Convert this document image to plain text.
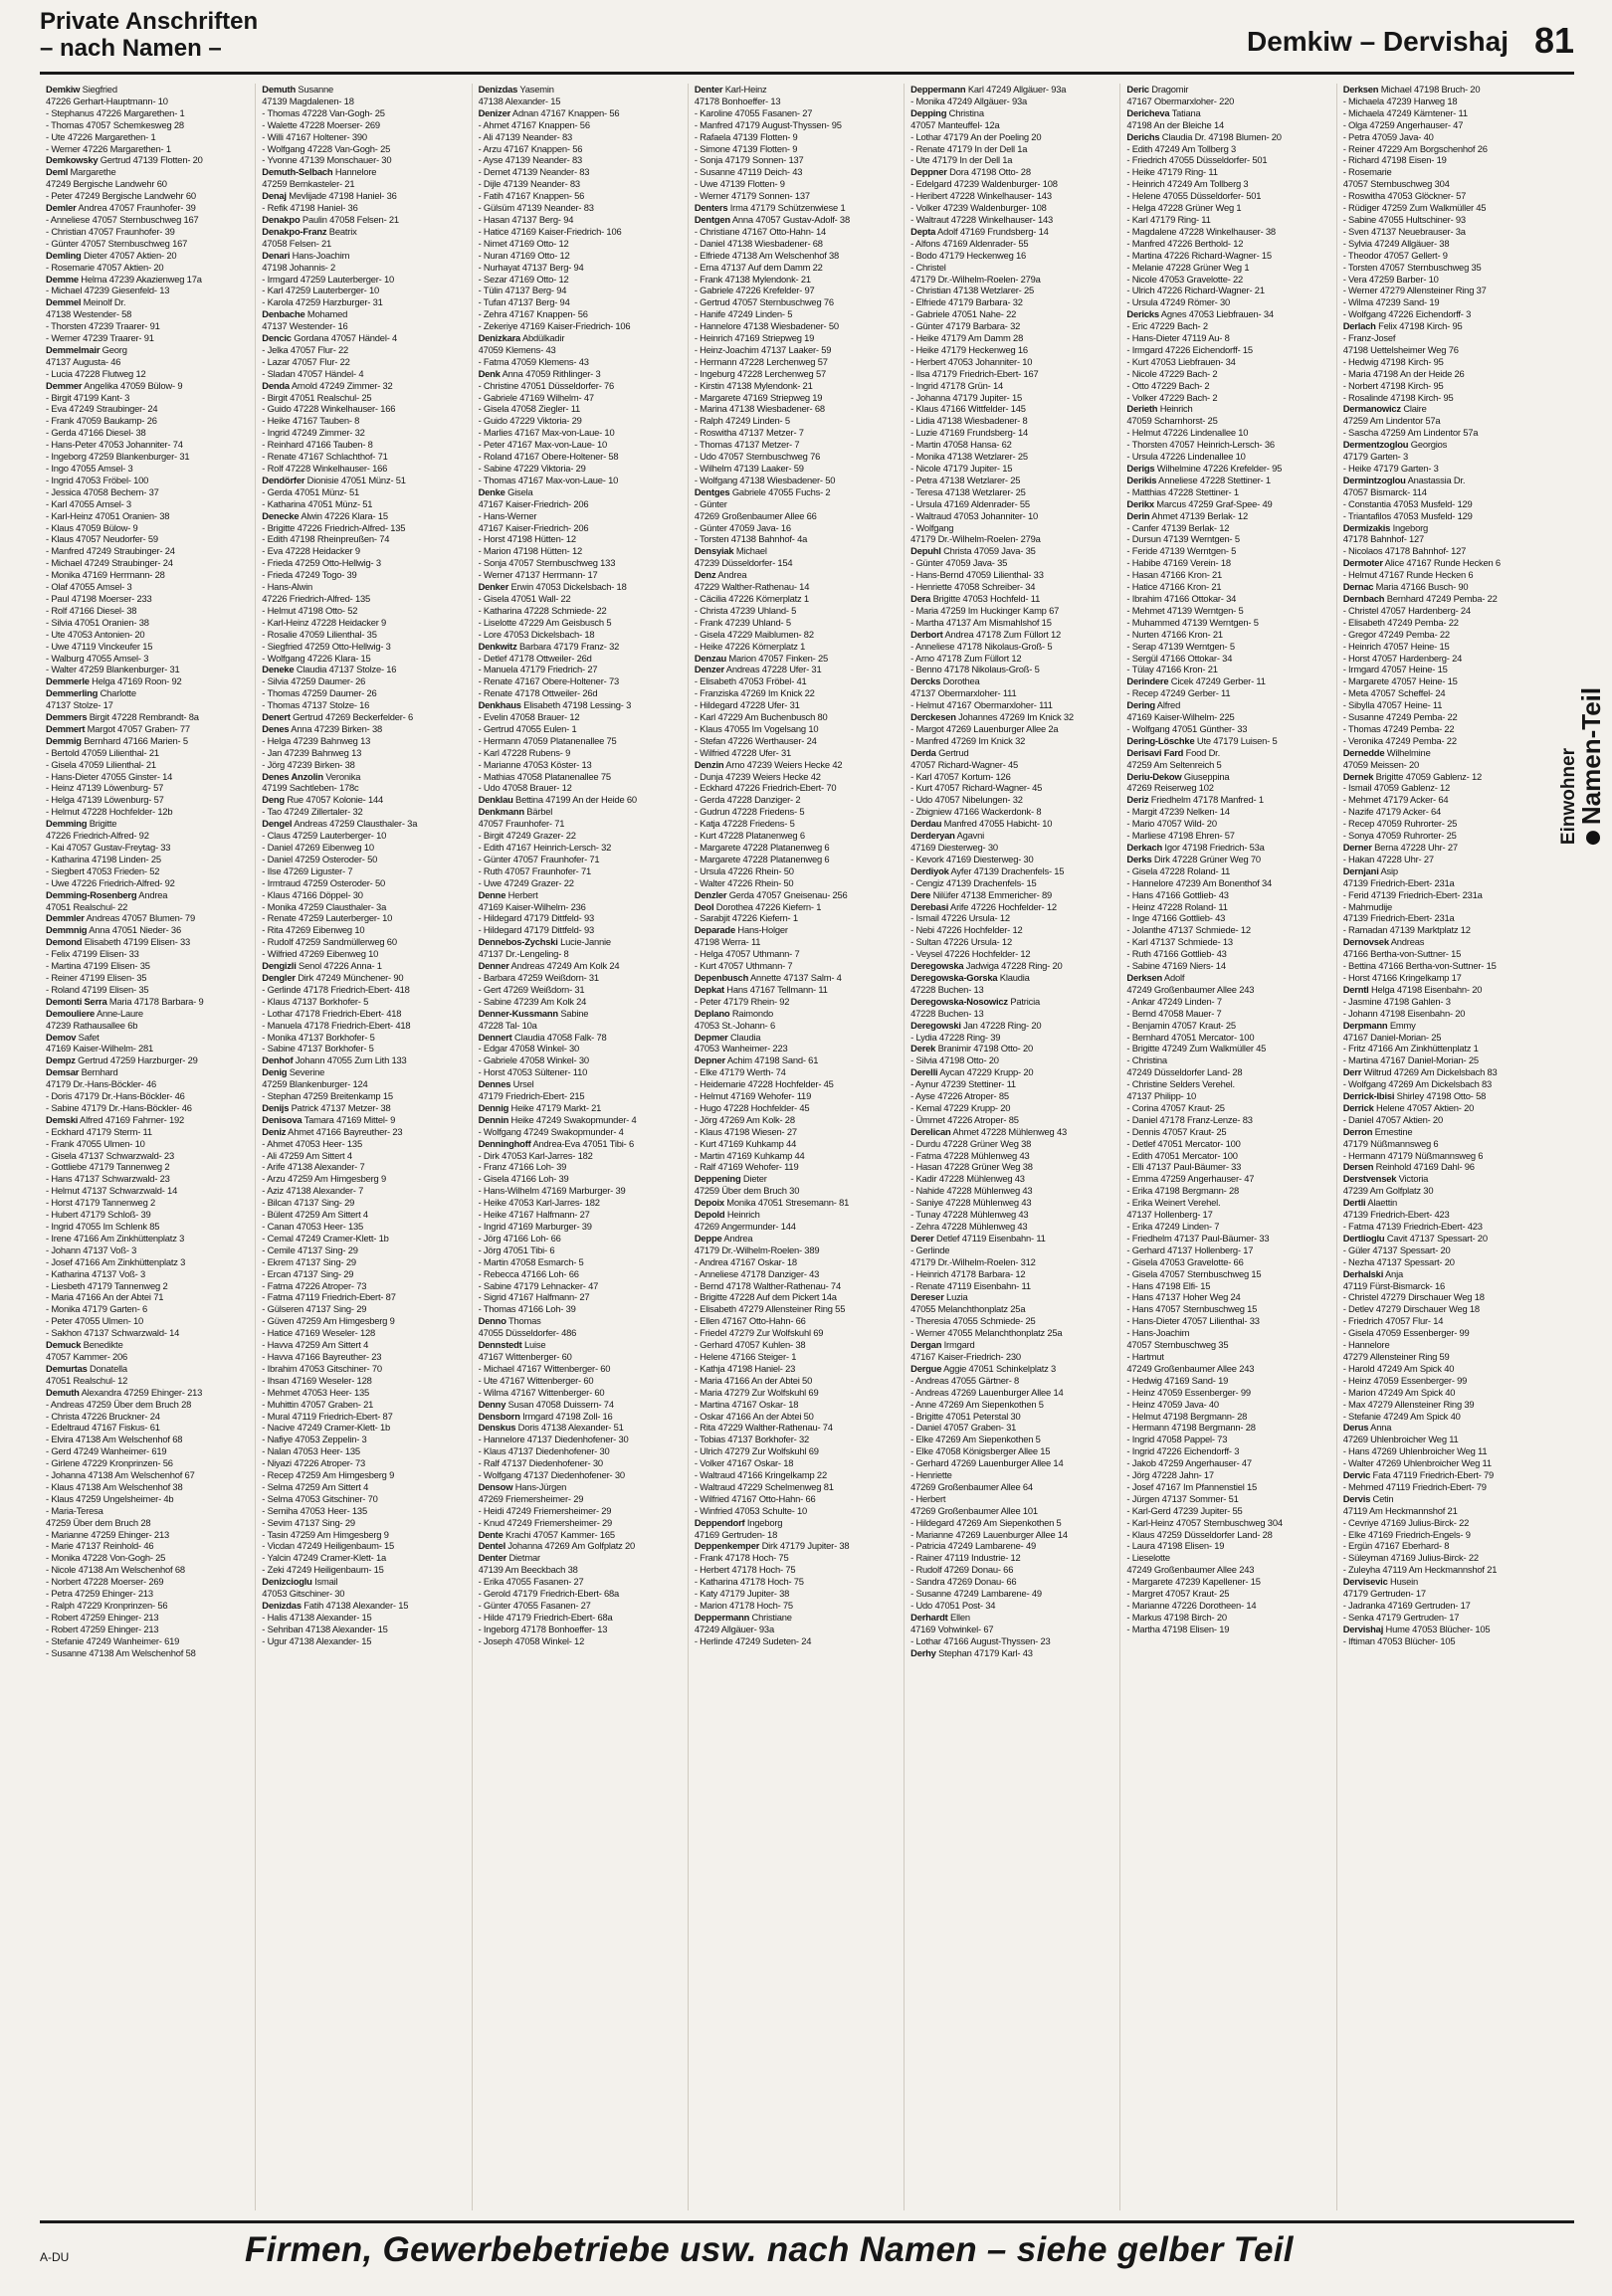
Private Anschriften
– nach Namen –	Demkiw – Dervishaj 81
Demkiw Siegfried
47226 Gerhart-Hauptmann- 10
- Stephanus 47226 Margarethen- 1
- Thomas 47057 Schemkesweg 28
- Ute 47226 Margarethen- 1
- Werner 47226 Margarethen- 1
Demkowsky Gertrud 47139 Flotten- 20
Deml Margarethe
47249 Bergische Landwehr 60
- Peter 47249 Bergische Landwehr 60
Demler Andrea 47057 Fraunhofer- 39
- Anneliese 47057 Sternbuschweg 167
- Christian 47057 Fraunhofer- 39
- Günter 47057 Sternbuschweg 167
Demling Dieter 47057 Aktien- 20
- Rosemarie 47057 Aktien- 20
Demme Helma 47239 Akazienweg 17a
- Michael 47239 Giesenfeld- 13
Demmel Meinolf Dr.
47138 Westender- 58
- Thorsten 47239 Traarer- 91
- Werner 47239 Traarer- 91
Demmelmair Georg
47137 Augusta- 46
- Lucia 47228 Flutweg 12
Demmer Angelika 47059 Bülow- 9
- Birgit 47199 Kant- 3
- Eva 47249 Straubinger- 24
- Frank 47059 Baukamp- 26
- Gerda 47166 Diesel- 38
- Hans-Peter 47053 Johanniter- 74
- Ingeborg 47259 Blankenburger- 31
- Ingo 47055 Amsel- 3
- Ingrid 47053 Fröbel- 100
- Jessica 47058 Bechem- 37
- Karl 47055 Amsel- 3
- Karl-Heinz 47051 Oranien- 38
- Klaus 47059 Bülow- 9
- Klaus 47057 Neudorfer- 59
- Manfred 47249 Straubinger- 24
- Michael 47249 Straubinger- 24
- Monika 47169 Herrmann- 28
- Olaf 47055 Amsel- 3
- Paul 47198 Moerser- 233
- Rolf 47166 Diesel- 38
- Silvia 47051 Oranien- 38
- Ute 47053 Antonien- 20
- Uwe 47119 Vinckeufer 15
- Walburg 47055 Amsel- 3
- Walter 47259 Blankenburger- 31
Demmerle Helga 47169 Roon- 92
Demmerling Charlotte
47137 Stolze- 17
Demmers Birgit 47228 Rembrandt- 8a
Demmert Margot 47057 Graben- 77
Demmig Bernhard 47166 Marien- 5
- Bertold 47059 Lilienthal- 21
- Gisela 47059 Lilienthal- 21
- Hans-Dieter 47055 Ginster- 14
- Heinz 47139 Löwenburg- 57
- Helga 47139 Löwenburg- 57
- Helmut 47228 Hochfelder- 12b
Demming Brigitte
47226 Friedrich-Alfred- 92
- Kai 47057 Gustav-Freytag- 33
- Katharina 47198 Linden- 25
- Siegbert 47053 Frieden- 52
- Uwe 47226 Friedrich-Alfred- 92
Demming-Rosenberg Andrea
47051 Realschul- 22
Demmler Andreas 47057 Blumen- 79
Demmnig Anna 47051 Nieder- 36
Demond Elisabeth 47199 Elisen- 33
- Felix 47199 Elisen- 33
- Martina 47199 Elisen- 35
- Reiner 47199 Elisen- 35
- Roland 47199 Elisen- 35
Demonti Serra Maria 47178 Barbara- 9
Demouliere Anne-Laure
47239 Rathausallee 6b
Demov Safet
47169 Kaiser-Wilhelm- 281
Dempz Gertrud 47259 Harzburger- 29
Demsar Bernhard
47179 Dr.-Hans-Böckler- 46
- Doris 47179 Dr.-Hans-Böckler- 46
- Sabine 47179 Dr.-Hans-Böckler- 46
Demski Alfred 47169 Fahrner- 192
- Eckhard 47179 Sterm- 11
- Frank 47055 Ulmen- 10
- Gisela 47137 Schwarzwald- 23
- Gottliebe 47179 Tannenweg 2
- Hans 47137 Schwarzwald- 23
- Helmut 47137 Schwarzwald- 14
- Horst 47179 Tannenweg 2
- Hubert 47179 Schloß- 39
- Ingrid 47055 Im Schlenk 85
- Irene 47166 Am Zinkhüttenplatz 3
- Johann 47137 Voß- 3
- Josef 47166 Am Zinkhüttenplatz 3
- Katharina 47137 Voß- 3
- Liesbeth 47179 Tannenweg 2
- Maria 47166 An der Abtei 71
- Monika 47179 Garten- 6
- Peter 47055 Ulmen- 10
- Sakhon 47137 Schwarzwald- 14
Demuck Benedikte
47057 Kammer- 206
Demurtas Donatella
47051 Realschul- 12
Demuth Alexandra 47259 Ehinger- 213
- Andreas 47259 Über dem Bruch 28
- Christa 47226 Bruckner- 24
- Edeltraud 47167 Fiskus- 61
- Elvira 47138 Am Welschenhof 68
- Gerd 47249 Wanheimer- 619
- Girlene 47229 Kronprinzen- 56
- Johanna 47138 Am Welschenhof 67
- Klaus 47138 Am Welschenhof 38
- Klaus 47259 Ungelsheimer- 4b
- Maria-Teresa
47259 Über dem Bruch 28
- Marianne 47259 Ehinger- 213
- Marie 47137 Reinhold- 46
- Monika 47228 Von-Gogh- 25
- Nicole 47138 Am Welschenhof 68
- Norbert 47228 Moerser- 269
- Petra 47259 Ehinger- 213
- Ralph 47229 Kronprinzen- 56
- Robert 47259 Ehinger- 213
- Robert 47259 Ehinger- 213
- Stefanie 47249 Wanheimer- 619
- Susanne 47138 Am Welschenhof 58
Demuth Susanne
47139 Magdalenen- 18
- Thomas 47228 Van-Gogh- 25
- Walette 47228 Moerser- 269
- Willi 47167 Holtener- 390
- Wolfgang 47228 Van-Gogh- 25
- Yvonne 47139 Monschauer- 30
Demuth-Selbach Hannelore
47259 Bernkasteler- 21
Denaj Mevlijade 47198 Haniel- 36
- Refik 47198 Haniel- 36
Denakpo Paulin 47058 Felsen- 21
Denakpo-Franz Beatrix
47058 Felsen- 21
Denari Hans-Joachim
47198 Johannis- 2
- Irmgard 47259 Lauterberger- 10
- Karl 47259 Lauterberger- 10
- Karola 47259 Harzburger- 31
Denbache Mohamed
47137 Westender- 16
Dencic Gordana 47057 Händel- 4
- Jelka 47057 Flur- 22
- Lazar 47057 Flur- 22
- Sladan 47057 Händel- 4
Denda Arnold 47249 Zimmer- 32
- Birgit 47051 Realschul- 25
- Guido 47228 Winkelhauser- 166
- Heike 47167 Tauben- 8
- Ingrid 47249 Zimmer- 32
- Reinhard 47166 Tauben- 8
- Renate 47167 Schlachthof- 71
- Rolf 47228 Winkelhauser- 166
Dendörfer Dionisie 47051 Münz- 51
- Gerda 47051 Münz- 51
- Katharina 47051 Münz- 51
Denecke Alwin 47226 Klara- 15
- Brigitte 47226 Friedrich-Alfred- 135
- Edith 47198 Rheinpreußen- 74
- Eva 47228 Heidacker 9
- Frieda 47259 Otto-Hellwig- 3
- Frieda 47249 Togo- 39
- Hans-Alwin
47226 Friedrich-Alfred- 135
- Helmut 47198 Otto- 52
- Karl-Heinz 47228 Heidacker 9
- Rosalie 47059 Lilienthal- 35
- Siegfried 47259 Otto-Hellwig- 3
- Wolfgang 47226 Klara- 15
Deneke Claudia 47137 Stolze- 16
- Silvia 47259 Daumer- 26
- Thomas 47259 Daumer- 26
- Thomas 47137 Stolze- 16
Denert Gertrud 47269 Beckerfelder- 6
Denes Anna 47239 Birken- 38
- Helga 47239 Bahnweg 13
- Jan 47239 Bahnweg 13
- Jörg 47239 Birken- 38
Denes Anzolin Veronika
47199 Sachtleben- 178c
Deng Rue 47057 Kolonie- 144
- Tao 47249 Zillertaler- 32
Dengel Andreas 47259 Clausthaler- 3a
- Claus 47259 Lauterberger- 10
- Daniel 47269 Eibenweg 10
- Daniel 47259 Osteroder- 50
- Ilse 47269 Liguster- 7
- Irmtraud 47259 Osteroder- 50
- Klaus 47166 Döppel- 30
- Monika 47259 Clausthaler- 3a
- Renate 47259 Lauterberger- 10
- Rita 47269 Eibenweg 10
- Rudolf 47259 Sandmüllerweg 60
- Wilfried 47269 Eibenweg 10
Dengizli Senol 47226 Anna- 1
Dengler Dirk 47249 Münchener- 90
- Gerlinde 47178 Friedrich-Ebert- 418
- Klaus 47137 Borkhofer- 5
- Lothar 47178 Friedrich-Ebert- 418
- Manuela 47178 Friedrich-Ebert- 418
- Monika 47137 Borkhofer- 5
- Sabine 47137 Borkhofer- 5
Denhof Johann 47055 Zum Lith 133
Denig Severine
47259 Blankenburger- 124
- Stephan 47259 Breitenkamp 15
Denijs Patrick 47137 Metzer- 38
Denisova Tamara 47169 Mittel- 9
Deniz Ahmet 47166 Bayreuther- 23
- Ahmet 47053 Heer- 135
- Ali 47259 Am Sittert 4
- Arife 47138 Alexander- 7
- Arzu 47259 Am Himgesberg 9
- Aziz 47138 Alexander- 7
- Bilcan 47137 Sing- 29
- Bülent 47259 Am Sittert 4
- Canan 47053 Heer- 135
- Cemal 47249 Cramer-Klett- 1b
- Cemile 47137 Sing- 29
- Ekrem 47137 Sing- 29
- Ercan 47137 Sing- 29
- Fatma 47226 Atroper- 73
- Fatma 47119 Friedrich-Ebert- 87
- Gülseren 47137 Sing- 29
- Güven 47259 Am Himgesberg 9
- Hatice 47169 Weseler- 128
- Havva 47259 Am Sittert 4
- Havva 47166 Bayreuther- 23
- Ibrahim 47053 Gitschiner- 70
- Ihsan 47169 Weseler- 128
- Mehmet 47053 Heer- 135
- Muhittin 47057 Graben- 21
- Mural 47119 Friedrich-Ebert- 87
- Nacive 47249 Cramer-Klett- 1b
- Nafiye 47053 Zeppelin- 3
- Nalan 47053 Heer- 135
- Niyazi 47226 Atroper- 73
- Recep 47259 Am Himgesberg 9
- Selma 47259 Am Sittert 4
- Selma 47053 Gitschiner- 70
- Semiha 47053 Heer- 135
- Sevim 47137 Sing- 29
- Tasin 47259 Am Himgesberg 9
- Vicdan 47249 Heiligenbaum- 15
- Yalcin 47249 Cramer-Klett- 1a
- Zeki 47249 Heiligenbaum- 15
Denizcioglu Ismail
47053 Gitschiner- 30
Denizdas Fatih 47138 Alexander- 15
- Halis 47138 Alexander- 15
- Sehriban 47138 Alexander- 15
- Ugur 47138 Alexander- 15
Denizdas Yasemin
47138 Alexander- 15
Denizer Adnan 47167 Knappen- 56
- Ahmet 47167 Knappen- 56
- Ali 47139 Neander- 83
- Arzu 47167 Knappen- 56
- Ayse 47139 Neander- 83
- Demet 47139 Neander- 83
- Dijle 47139 Neander- 83
- Fatih 47167 Knappen- 56
- Gülsüm 47139 Neander- 83
- Hasan 47137 Berg- 94
- Hatice 47169 Kaiser-Friedrich- 106
- Nimet 47169 Otto- 12
- Nuran 47169 Otto- 12
- Nurhayat 47137 Berg- 94
- Sezar 47169 Otto- 12
- Tülin 47137 Berg- 94
- Tufan 47137 Berg- 94
- Zehra 47167 Knappen- 56
- Zekeriye 47169 Kaiser-Friedrich- 106
Denizkara Abdülkadir
47059 Klemens- 43
- Fatma 47059 Klemens- 43
Denk Anna 47059 Rithlinger- 3
- Christine 47051 Düsseldorfer- 76
- Gabriele 47169 Wilhelm- 47
- Gisela 47058 Ziegler- 11
- Guido 47229 Viktoria- 29
- Marlies 47167 Max-von-Laue- 10
- Peter 47167 Max-von-Laue- 10
- Roland 47167 Obere-Holtener- 58
- Sabine 47229 Viktoria- 29
- Thomas 47167 Max-von-Laue- 10
Denke Gisela
47167 Kaiser-Friedrich- 206
- Hans-Werner
47167 Kaiser-Friedrich- 206
- Horst 47198 Hütten- 12
- Marion 47198 Hütten- 12
- Sonja 47057 Sternbuschweg 133
- Werner 47137 Herrmann- 17
Denker Erwin 47053 Dickelsbach- 18
- Gisela 47051 Wall- 22
- Katharina 47228 Schmiede- 22
- Liselotte 47229 Am Geisbusch 5
- Lore 47053 Dickelsbach- 18
Denkwitz Barbara 47179 Franz- 32
- Detlef 47178 Ottweiler- 26d
- Manuela 47179 Friedrich- 27
- Renate 47167 Obere-Holtener- 73
- Renate 47178 Ottweiler- 26d
Denkhaus Elisabeth 47198 Lessing- 3
- Evelin 47058 Brauer- 12
- Gertrud 47055 Eulen- 1
- Hermann 47059 Platanenallee 75
- Karl 47228 Rubens- 9
- Marianne 47053 Köster- 13
- Mathias 47058 Platanenallee 75
- Udo 47058 Brauer- 12
Denklau Bettina 47199 An der Heide 60
Denkmann Bärbel
47057 Fraunhofer- 71
- Birgit 47249 Grazer- 22
- Edith 47167 Heinrich-Lersch- 32
- Günter 47057 Fraunhofer- 71
- Ruth 47057 Fraunhofer- 71
- Uwe 47249 Grazer- 22
Denne Herbert
47169 Kaiser-Wilhelm- 236
- Hildegard 47179 Dittfeld- 93
- Hildegard 47179 Dittfeld- 93
Dennebos-Zychski Lucie-Jannie
47137 Dr.-Lengeling- 8
Denner Andreas 47249 Am Kolk 24
- Barbara 47259 Weißdorn- 31
- Gert 47269 Weißdorn- 31
- Sabine 47239 Am Kolk 24
Denner-Kussmann Sabine
47228 Tal- 10a
Dennert Claudia 47058 Falk- 78
- Edgar 47058 Winkel- 30
- Gabriele 47058 Winkel- 30
- Horst 47053 Sültener- 110
Dennes Ursel
47179 Friedrich-Ebert- 215
Dennig Heike 47179 Markt- 21
Dennin Heike 47249 Swakopmunder- 4
- Wolfgang 47249 Swakopmunder- 4
Denninghoff Andrea-Eva 47051 Tibi- 6
- Dirk 47053 Karl-Jarres- 182
- Franz 47166 Loh- 39
- Gisela 47166 Loh- 39
- Hans-Wilhelm 47169 Marburger- 39
- Heike 47053 Karl-Jarres- 182
- Heike 47167 Halfmann- 27
- Ingrid 47169 Marburger- 39
- Jörg 47166 Loh- 66
- Jörg 47051 Tibi- 6
- Martin 47058 Esmarch- 5
- Rebecca 47166 Loh- 66
- Sabine 47179 Lehnacker- 47
- Sigrid 47167 Halfmann- 27
- Thomas 47166 Loh- 39
Denno Thomas
47055 Düsseldorfer- 486
Dennstedt Luise
47167 Wittenberger- 60
- Michael 47167 Wittenberger- 60
- Ute 47167 Wittenberger- 60
- Wilma 47167 Wittenberger- 60
Denny Susan 47058 Duissern- 74
Densborn Irmgard 47198 Zoll- 16
Denskus Doris 47138 Alexander- 51
- Hannelore 47137 Diedenhofener- 30
- Klaus 47137 Diedenhofener- 30
- Ralf 47137 Diedenhofener- 30
- Wolfgang 47137 Diedenhofener- 30
Densow Hans-Jürgen
47269 Friemersheimer- 29
- Heidi 47249 Friemersheimer- 29
- Knud 47249 Friemersheimer- 29
Dente Krachi 47057 Kammer- 165
Dentel Johanna 47269 Am Golfplatz 20
Denter Dietmar
47139 Am Beeckbach 38
- Erika 47055 Fasanen- 27
- Gerold 47179 Friedrich-Ebert- 68a
- Günter 47055 Fasanen- 27
- Hilde 47179 Friedrich-Ebert- 68a
- Ingeborg 47178 Bonhoeffer- 13
- Joseph 47058 Winkel- 12
Denter Karl-Heinz
47178 Bonhoeffer- 13
- Karoline 47055 Fasanen- 27
- Manfred 47179 August-Thyssen- 95
- Rafaela 47139 Flotten- 9
- Simone 47139 Flotten- 9
- Sonja 47179 Sonnen- 137
- Susanne 47119 Deich- 43
- Uwe 47139 Flotten- 9
- Werner 47179 Sonnen- 137
Denters Irma 47179 Schützenwiese 1
Dentgen Anna 47057 Gustav-Adolf- 38
- Christiane 47167 Otto-Hahn- 14
- Daniel 47138 Wiesbadener- 68
- Elfriede 47138 Am Welschenhof 38
- Erna 47137 Auf dem Damm 22
- Frank 47138 Mylendonk- 21
- Gabriele 47226 Krefelder- 97
- Gertrud 47057 Sternbuschweg 76
- Hanife 47249 Linden- 5
- Hannelore 47138 Wiesbadener- 50
- Heinrich 47169 Striepweg 19
- Heinz-Joachim 47137 Laaker- 59
- Hermann 47228 Lerchenweg 57
- Ingeburg 47228 Lerchenweg 57
- Kirstin 47138 Mylendonk- 21
- Margarete 47169 Striepweg 19
- Marina 47138 Wiesbadener- 68
- Ralph 47249 Linden- 5
- Roswitha 47137 Metzer- 7
- Thomas 47137 Metzer- 7
- Udo 47057 Sternbuschweg 76
- Wilhelm 47139 Laaker- 59
- Wolfgang 47138 Wiesbadener- 50
Dentges Gabriele 47055 Fuchs- 2
- Günter
47269 Großenbaumer Allee 66
- Günter 47059 Java- 16
- Torsten 47138 Bahnhof- 4a
Densyiak Michael
47239 Düsseldorfer- 154
Denz Andrea
47229 Walther-Rathenau- 14
- Cäcilia 47226 Körnerplatz 1
- Christa 47239 Uhland- 5
- Frank 47239 Uhland- 5
- Gisela 47229 Maiblumen- 82
- Heike 47226 Körnerplatz 1
Denzau Marion 47057 Finken- 25
Denzer Andreas 47228 Ufer- 31
- Elisabeth 47053 Fröbel- 41
- Franziska 47269 Im Knick 22
- Hildegard 47228 Ufer- 31
- Karl 47229 Am Buchenbusch 80
- Klaus 47055 Im Vogelsang 10
- Stefan 47226 Werthauser- 24
- Wilfried 47228 Ufer- 31
Denzin Arno 47239 Weiers Hecke 42
- Dunja 47239 Weiers Hecke 42
- Eckhard 47226 Friedrich-Ebert- 70
- Gerda 47228 Danziger- 2
- Gudrun 47228 Friedens- 5
- Katja 47228 Friedens- 5
- Kurt 47228 Platanenweg 6
- Margarete 47228 Platanenweg 6
- Margarete 47228 Platanenweg 6
- Ursula 47226 Rhein- 50
- Walter 47226 Rhein- 50
Denzler Gerda 47057 Gneisenau- 256
Deol Dorothea 47226 Kiefern- 1
- Sarabjit 47226 Kiefern- 1
Deparade Hans-Holger
47198 Werra- 11
- Helga 47057 Uthmann- 7
- Kurt 47057 Uthmann- 7
Depenbusch Annette 47137 Salm- 4
Depkat Hans 47167 Tellmann- 11
- Peter 47179 Rhein- 92
Deplano Raimondo
47053 St.-Johann- 6
Depmer Claudia
47053 Wanheimer- 223
Depner Achim 47198 Sand- 61
- Elke 47179 Werth- 74
- Heidemarie 47228 Hochfelder- 45
- Helmut 47169 Wehofer- 119
- Hugo 47228 Hochfelder- 45
- Jörg 47269 Am Kolk- 28
- Klaus 47198 Wiesen- 27
- Kurt 47169 Kuhkamp 44
- Martin 47169 Kuhkamp 44
- Ralf 47169 Wehofer- 119
Deppening Dieter
47259 Über dem Bruch 30
Depoix Monika 47051 Stresemann- 81
Depold Heinrich
47269 Angermunder- 144
Deppe Andrea
47179 Dr.-Wilhelm-Roelen- 389
- Andrea 47167 Oskar- 18
- Anneliese 47178 Danziger- 43
- Bernd 47178 Walther-Rathenau- 74
- Brigitte 47228 Auf dem Pickert 14a
- Elisabeth 47279 Allensteiner Ring 55
- Ellen 47167 Otto-Hahn- 66
- Friedel 47279 Zur Wolfskuhl 69
- Gerhard 47057 Kuhlen- 38
- Helene 47166 Steiger- 1
- Kathja 47198 Haniel- 23
- Maria 47166 An der Abtei 50
- Maria 47279 Zur Wolfskuhl 69
- Martina 47167 Oskar- 18
- Oskar 47166 An der Abtei 50
- Rita 47229 Walther-Rathenau- 74
- Tobias 47137 Borkhofer- 32
- Ulrich 47279 Zur Wolfskuhl 69
- Volker 47167 Oskar- 18
- Waltraud 47166 Kringelkamp 22
- Waltraud 47229 Schelmenweg 81
- Wilfried 47167 Otto-Hahn- 66
- Winfried 47053 Schulte- 10
Deppendorf Ingeborg
47169 Gertruden- 18
Deppenkemper Dirk 47179 Jupiter- 38
- Frank 47178 Hoch- 75
- Herbert 47178 Hoch- 75
- Katharina 47178 Hoch- 75
- Katy 47179 Jupiter- 38
- Marion 47178 Hoch- 75
Deppermann Christiane
47249 Allgäuer- 93a
- Herlinde 47249 Sudeten- 24
Deppermann Karl 47249 Allgäuer- 93a
- Monika 47249 Allgäuer- 93a
Depping Christina
47057 Manteuffel- 12a
- Lothar 47179 An der Poeling 20
- Renate 47179 In der Dell 1a
- Ute 47179 In der Dell 1a
Deppner Dora 47198 Otto- 28
- Edelgard 47239 Waldenburger- 108
- Heribert 47228 Winkelhauser- 143
- Volker 47239 Waldenburger- 108
- Waltraut 47228 Winkelhauser- 143
Depta Adolf 47169 Frundsberg- 14
- Alfons 47169 Aldenrader- 55
- Bodo 47179 Heckenweg 16
- Christel
47179 Dr.-Wilhelm-Roelen- 279a
- Christian 47138 Wetzlarer- 25
- Elfriede 47179 Barbara- 32
- Gabriele 47051 Nahe- 22
- Günter 47179 Barbara- 32
- Heike 47179 Am Damm 28
- Heike 47179 Heckenweg 16
- Herbert 47053 Johanniter- 10
- Ilsa 47179 Friedrich-Ebert- 167
- Ingrid 47178 Grün- 14
- Johanna 47179 Jupiter- 15
- Klaus 47166 Wittfelder- 145
- Lidia 47138 Wiesbadener- 8
- Luzie 47169 Frundsberg- 14
- Martin 47058 Hansa- 62
- Monika 47138 Wetzlarer- 25
- Nicole 47179 Jupiter- 15
- Petra 47138 Wetzlarer- 25
- Teresa 47138 Wetzlarer- 25
- Ursula 47169 Aldenrader- 55
- Waltraud 47053 Johanniter- 10
- Wolfgang
47179 Dr.-Wilhelm-Roelen- 279a
Depuhl Christa 47059 Java- 35
- Günter 47059 Java- 35
- Hans-Bernd 47059 Lilienthal- 33
- Henriette 47058 Schreiber- 34
Dera Brigitte 47053 Hochfeld- 11
- Maria 47259 Im Huckinger Kamp 67
- Martha 47137 Am Mismahlshof 15
Derbort Andrea 47178 Zum Füllort 12
- Anneliese 47178 Nikolaus-Groß- 5
- Arno 47178 Zum Füllort 12
- Benno 47178 Nikolaus-Groß- 5
Dercks Dorothea
47137 Obermarxloher- 111
- Helmut 47167 Obermarxloher- 111
Derckesen Johannes 47269 Im Knick 32
- Margot 47269 Lauenburger Allee 2a
- Manfred 47269 Im Knick 32
Derda Gertrud
47057 Richard-Wagner- 45
- Karl 47057 Kortum- 126
- Kurt 47057 Richard-Wagner- 45
- Udo 47057 Nibelungen- 32
- Zbigniew 47166 Wackerdonk- 8
Derdau Manfred 47055 Habicht- 10
Derderyan Agavni
47169 Diesterweg- 30
- Kevork 47169 Diesterweg- 30
Derdiyok Ayfer 47139 Drachenfels- 15
- Cengiz 47139 Drachenfels- 15
Dere Nilüfer 47138 Emmericher- 89
Derebasi Arife 47226 Hochfelder- 12
- Ismail 47226 Ursula- 12
- Nebi 47226 Hochfelder- 12
- Sultan 47226 Ursula- 12
- Veysel 47226 Hochfelder- 12
Deregowska Jadwiga 47228 Ring- 20
Deregowska-Gorska Klaudia
47228 Buchen- 13
Deregowska-Nosowicz Patricia
47228 Buchen- 13
Deregowski Jan 47228 Ring- 20
- Lydia 47228 Ring- 39
Derek Branimir 47198 Otto- 20
- Silvia 47198 Otto- 20
Derelli Aycan 47229 Krupp- 20
- Aynur 47239 Stettiner- 11
- Ayse 47226 Atroper- 85
- Kemal 47229 Krupp- 20
- Ümmet 47226 Atroper- 85
Derelican Ahmet 47228 Mühlenweg 43
- Durdu 47228 Grüner Weg 38
- Fatma 47228 Mühlenweg 43
- Hasan 47228 Grüner Weg 38
- Kadir 47228 Mühlenweg 43
- Nahide 47228 Mühlenweg 43
- Saniye 47228 Mühlenweg 43
- Tunay 47228 Mühlenweg 43
- Zehra 47228 Mühlenweg 43
Derer Detlef 47119 Eisenbahn- 11
- Gerlinde
47179 Dr.-Wilhelm-Roelen- 312
- Heinrich 47178 Barbara- 12
- Renate 47119 Eisenbahn- 11
Dereser Luzia
47055 Melanchthonplatz 25a
- Theresia 47055 Schmiede- 25
- Werner 47055 Melanchthonplatz 25a
Dergan Irmgard
47167 Kaiser-Friedrich- 230
Dergue Aggie 47051 Schinkelplatz 3
- Andreas 47055 Gärtner- 8
- Andreas 47269 Lauenburger Allee 14
- Anne 47269 Am Siepenkothen 5
- Brigitte 47051 Peterstal 30
- Daniel 47057 Graben- 31
- Elke 47269 Am Siepenkothen 5
- Elke 47058 Königsberger Allee 15
- Gerhard 47269 Lauenburger Allee 14
- Henriette
47269 Großenbaumer Allee 64
- Herbert
47269 Großenbaumer Allee 101
- Hildegard 47269 Am Siepenkothen 5
- Marianne 47269 Lauenburger Allee 14
- Patricia 47249 Lambarene- 49
- Rainer 47119 Industrie- 12
- Rudolf 47269 Donau- 66
- Sandra 47269 Donau- 66
- Susanne 47249 Lambarene- 49
- Udo 47051 Post- 34
Derhardt Ellen
47169 Vohwinkel- 67
- Lothar 47166 August-Thyssen- 23
Derhy Stephan 47179 Karl- 43
Deric Dragomir
47167 Obermarxloher- 220
Dericheva Tatiana
47198 An der Bleiche 14
Derichs Claudia Dr. 47198 Blumen- 20
- Edith 47249 Am Tollberg 3
- Friedrich 47055 Düsseldorfer- 501
- Heike 47179 Ring- 11
- Heinrich 47249 Am Tollberg 3
- Helene 47055 Düsseldorfer- 501
- Helga 47228 Grüner Weg 1
- Karl 47179 Ring- 11
- Magdalene 47228 Winkelhauser- 38
- Manfred 47226 Berthold- 12
- Martina 47226 Richard-Wagner- 15
- Melanie 47228 Grüner Weg 1
- Nicole 47053 Gravelotte- 22
- Ulrich 47226 Richard-Wagner- 21
- Ursula 47249 Römer- 30
Dericks Agnes 47053 Liebfrauen- 34
- Eric 47229 Bach- 2
- Hans-Dieter 47119 Au- 8
- Irmgard 47226 Eichendorff- 15
- Kurt 47053 Liebfrauen- 34
- Nicole 47229 Bach- 2
- Otto 47229 Bach- 2
- Volker 47229 Bach- 2
Derieth Heinrich
47059 Scharnhorst- 25
- Helmut 47226 Lindenallee 10
- Thorsten 47057 Heinrich-Lersch- 36
- Ursula 47226 Lindenallee 10
Derigs Wilhelmine 47226 Krefelder- 95
Derikis Anneliese 47228 Stettiner- 1
- Matthias 47228 Stettiner- 1
Derikx Marcus 47259 Graf-Spee- 49
Derin Ahmet 47139 Berlak- 12
- Canfer 47139 Berlak- 12
- Dursun 47139 Werntgen- 5
- Feride 47139 Werntgen- 5
- Habibe 47169 Verein- 18
- Hasan 47166 Kron- 21
- Hatice 47166 Kron- 21
- Ibrahim 47166 Ottokar- 34
- Mehmet 47139 Werntgen- 5
- Muhammed 47139 Werntgen- 5
- Nurten 47166 Kron- 21
- Serap 47139 Werntgen- 5
- Sergül 47166 Ottokar- 34
- Tülay 47166 Kron- 21
Derindere Cicek 47249 Gerber- 11
- Recep 47249 Gerber- 11
Dering Alfred
47169 Kaiser-Wilhelm- 225
- Wolfgang 47051 Günther- 33
Dering-Löschke Ute 47179 Luisen- 5
Derisavi Fard Food Dr.
47259 Am Seltenreich 5
Deriu-Dekow Giuseppina
47269 Reiserweg 102
Deriz Friedhelm 47178 Manfred- 1
- Margit 47239 Nelken- 14
- Mario 47057 Wild- 20
- Marliese 47198 Ehren- 57
Derkach Igor 47198 Friedrich- 53a
Derks Dirk 47228 Grüner Weg 70
- Gisela 47228 Roland- 11
- Hannelore 47239 Am Bonenthof 34
- Hans 47166 Gottlieb- 43
- Heinz 47228 Roland- 11
- Inge 47166 Gottlieb- 43
- Jolanthe 47137 Schmiede- 12
- Karl 47137 Schmiede- 13
- Ruth 47166 Gottlieb- 43
- Sabine 47169 Niers- 14
Derksen Adolf
47249 Großenbaumer Allee 243
- Ankar 47249 Linden- 7
- Bernd 47058 Mauer- 7
- Benjamin 47057 Kraut- 25
- Bernhard 47051 Mercator- 100
- Brigitte 47249 Zum Walkmüller 45
- Christina
47249 Düsseldorfer Land- 28
- Christine Selders Verehel.
47137 Philipp- 10
- Corina 47057 Kraut- 25
- Daniel 47178 Franz-Lenze- 83
- Dennis 47057 Kraut- 25
- Detlef 47051 Mercator- 100
- Edith 47051 Mercator- 100
- Elli 47137 Paul-Bäumer- 33
- Emma 47259 Angerhauser- 47
- Erika 47198 Bergmann- 28
- Erika Weinert Verehel.
47137 Hollenberg- 17
- Erika 47249 Linden- 7
- Friedhelm 47137 Paul-Bäumer- 33
- Gerhard 47137 Hollenberg- 17
- Gisela 47053 Gravelotte- 66
- Gisela 47057 Sternbuschweg 15
- Hans 47198 Elfi- 15
- Hans 47137 Hoher Weg 24
- Hans 47057 Sternbuschweg 15
- Hans-Dieter 47057 Lilienthal- 33
- Hans-Joachim
47057 Sternbuschweg 35
- Hartmut
47249 Großenbaumer Allee 243
- Hedwig 47169 Sand- 19
- Heinz 47059 Essenberger- 99
- Heinz 47059 Java- 40
- Helmut 47198 Bergmann- 28
- Hermann 47198 Bergmann- 28
- Ingrid 47058 Pappel- 73
- Ingrid 47226 Eichendorff- 3
- Jakob 47259 Angerhauser- 47
- Jörg 47228 Jahn- 17
- Josef 47167 Im Pfannenstiel 15
- Jürgen 47137 Sommer- 51
- Karl-Gerd 47239 Jupiter- 55
- Karl-Heinz 47057 Sternbuschweg 304
- Klaus 47259 Düsseldorfer Land- 28
- Laura 47198 Elisen- 19
- Lieselotte
47249 Großenbaumer Allee 243
- Margarete 47239 Kapellener- 15
- Margret 47057 Kraut- 25
- Marianne 47226 Dorotheen- 14
- Markus 47198 Birch- 20
- Martha 47198 Elisen- 19
Derksen Michael 47198 Bruch- 20
- Michaela 47239 Harweg 18
- Michaela 47249 Kärntener- 11
- Olga 47259 Angerhauser- 47
- Petra 47059 Java- 40
- Reiner 47229 Am Borgschenhof 26
- Richard 47198 Eisen- 19
- Rosemarie
47057 Sternbuschweg 304
- Roswitha 47053 Glöckner- 57
- Rüdiger 47259 Zum Walkmüller 45
- Sabine 47055 Hultschiner- 93
- Sven 47137 Neuebrauser- 3a
- Sylvia 47249 Allgäuer- 38
- Theodor 47057 Gellert- 9
- Torsten 47057 Sternbuschweg 35
- Vera 47259 Barber- 10
- Werner 47279 Allensteiner Ring 37
- Wilma 47239 Sand- 19
- Wolfgang 47226 Eichendorff- 3
Derlach Felix 47198 Kirch- 95
- Franz-Josef
47198 Uettelsheimer Weg 76
- Hedwig 47198 Kirch- 95
- Maria 47198 An der Heide 26
- Norbert 47198 Kirch- 95
- Rosalinde 47198 Kirch- 95
Dermanowicz Claire
47259 Am Lindentor 57a
- Sascha 47259 Am Lindentor 57a
Dermentzoglou Georgios
47179 Garten- 3
- Heike 47179 Garten- 3
Dermintzoglou Anastassia Dr.
47057 Bismarck- 114
- Constantia 47053 Musfeld- 129
- Triantafilos 47053 Musfeld- 129
Dermizakis Ingeborg
47178 Bahnhof- 127
- Nicolaos 47178 Bahnhof- 127
Dermoter Alice 47167 Runde Hecken 6
- Helmut 47167 Runde Hecken 6
Dernac Maria 47166 Busch- 90
Dernbach Bernhard 47249 Pemba- 22
- Christel 47057 Hardenberg- 24
- Elisabeth 47249 Pemba- 22
- Gregor 47249 Pemba- 22
- Heinrich 47057 Heine- 15
- Horst 47057 Hardenberg- 24
- Irmgard 47057 Heine- 15
- Margarete 47057 Heine- 15
- Meta 47057 Scheffel- 24
- Sibylla 47057 Heine- 11
- Susanne 47249 Pemba- 22
- Thomas 47249 Pemba- 22
- Veronika 47249 Pemba- 22
Dernedde Wilhelmine
47059 Meissen- 20
Dernek Brigitte 47059 Gablenz- 12
- Ismail 47059 Gablenz- 12
- Mehmet 47179 Acker- 64
- Nazife 47179 Acker- 64
- Recep 47059 Ruhrorter- 25
- Sonya 47059 Ruhrorter- 25
Derner Berna 47228 Uhr- 27
- Hakan 47228 Uhr- 27
Dernjani Asip
47139 Friedrich-Ebert- 231a
- Ferid 47139 Friedrich-Ebert- 231a
- Mahmudije
47139 Friedrich-Ebert- 231a
- Ramadan 47139 Marktplatz 12
Dernovsek Andreas
47166 Bertha-von-Suttner- 15
- Bettina 47166 Bertha-von-Suttner- 15
- Horst 47166 Kringelkamp 17
Derntl Helga 47198 Eisenbahn- 20
- Jasmine 47198 Gahlen- 3
- Johann 47198 Eisenbahn- 20
Derpmann Emmy
47167 Daniel-Morian- 25
- Fritz 47166 Am Zinkhüttenplatz 1
- Martina 47167 Daniel-Morian- 25
Derr Wiltrud 47269 Am Dickelsbach 83
- Wolfgang 47269 Am Dickelsbach 83
Derrick-Ibisi Shirley 47198 Otto- 58
Derrick Helene 47057 Aktien- 20
- Daniel 47057 Aktien- 20
Derron Ernestine
47179 Nüßmannsweg 6
- Hermann 47179 Nüßmannsweg 6
Dersen Reinhold 47169 Dahl- 96
Derstvensek Victoria
47239 Am Golfplatz 30
Dertli Alaettin
47139 Friedrich-Ebert- 423
- Fatma 47139 Friedrich-Ebert- 423
Dertlioglu Cavit 47137 Spessart- 20
- Güler 47137 Spessart- 20
- Nezha 47137 Spessart- 20
Derhalski Anja
47119 Fürst-Bismarck- 16
- Christel 47279 Dirschauer Weg 18
- Detlev 47279 Dirschauer Weg 18
- Friedrich 47057 Flur- 14
- Gisela 47059 Essenberger- 99
- Hannelore
47279 Allensteiner Ring 59
- Harold 47249 Am Spick 40
- Heinz 47059 Essenberger- 99
- Marion 47249 Am Spick 40
- Max 47279 Allensteiner Ring 39
- Stefanie 47249 Am Spick 40
Derus Anna
47269 Uhlenbroicher Weg 11
- Hans 47269 Uhlenbroicher Weg 11
- Walter 47269 Uhlenbroicher Weg 11
Dervic Fata 47119 Friedrich-Ebert- 79
- Mehmed 47119 Friedrich-Ebert- 79
Dervis Cetin
47119 Am Heckmannshof 21
- Cevriye 47169 Julius-Birck- 22
- Elke 47169 Friedrich-Engels- 9
- Ergün 47167 Eberhard- 8
- Süleyman 47169 Julius-Birck- 22
- Zuleyha 47119 Am Heckmannshof 21
Dervisevic Husein
47179 Gertruden- 17
- Jadranka 47169 Gertruden- 17
- Senka 47179 Gertruden- 17
Dervishaj Hume 47053 Blücher- 105
- Iftiman 47053 Blücher- 105
Einwohner
Namen-Teil
A-DU	Firmen, Gewerbebetriebe usw. nach Namen – siehe gelber Teil
